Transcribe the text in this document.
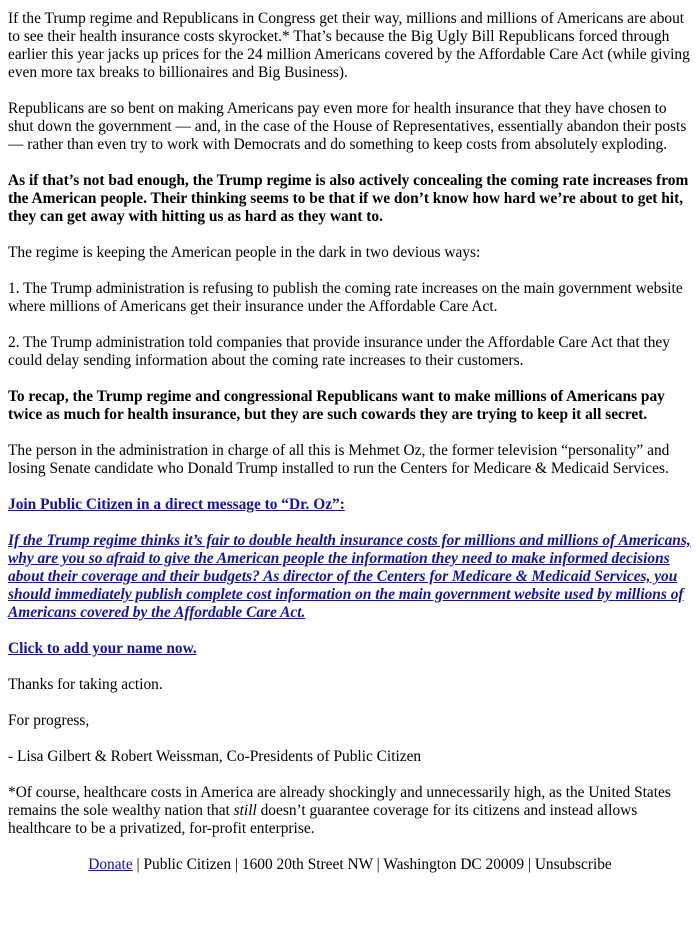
If the Trump regime and Republicans in Congress get their way, millions and millions of Americans are about to see their health insurance costs skyrocket.* That’s because the Big Ugly Bill Republicans forced through earlier this year jacks up prices for the 24 million Americans covered by the Affordable Care Act (while giving even more tax breaks to billionaires and Big Business).

Republicans are so bent on making Americans pay even more for health insurance that they have chosen to shut down the government — and, in the case of the House of Representatives, essentially abandon their posts — rather than even try to work with Democrats and do something to keep costs from absolutely exploding.

As if that’s not bad enough, the Trump regime is also actively concealing the coming rate increases from the American people. Their thinking seems to be that if we don’t know how hard we’re about to get hit, they can get away with hitting us as hard as they want to.

The regime is keeping the American people in the dark in two devious ways:

1. The Trump administration is refusing to publish the coming rate increases on the main government website where millions of Americans get their insurance under the Affordable Care Act.

2. The Trump administration told companies that provide insurance under the Affordable Care Act that they could delay sending information about the coming rate increases to their customers.

To recap, the Trump regime and congressional Republicans want to make millions of Americans pay twice as much for health insurance, but they are such cowards they are trying to keep it all secret.

The person in the administration in charge of all this is Mehmet Oz, the former television “personality” and losing Senate candidate who Donald Trump installed to run the Centers for Medicare & Medicaid Services.

Join Public Citizen in a direct message to “Dr. Oz”:

If the Trump regime thinks it’s fair to double health insurance costs for millions and millions of Americans, why are you so afraid to give the American people the information they need to make informed decisions about their coverage and their budgets? As director of the Centers for Medicare & Medicaid Services, you should immediately publish complete cost information on the main government website used by millions of Americans covered by the Affordable Care Act.

Click to add your name now.

Thanks for taking action.

For progress,

- Lisa Gilbert & Robert Weissman, Co-Presidents of Public Citizen

*Of course, healthcare costs in America are already shockingly and unnecessarily high, as the United States remains the sole wealthy nation that still doesn’t guarantee coverage for its citizens and instead allows healthcare to be a privatized, for-profit enterprise.

Donate | Public Citizen | 1600 20th Street NW | Washington DC 20009 | Unsubscribe
